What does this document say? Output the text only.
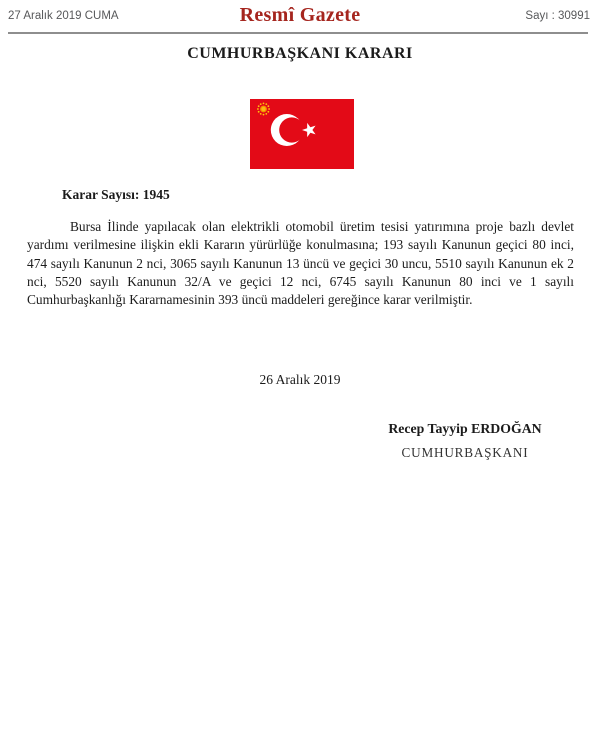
27 Aralık 2019 CUMA	Resmî Gazete	Sayı : 30991
CUMHURBAŞKANI KARARI
Karar Sayısı: 1945

Bursa İlinde yapılacak olan elektrikli otomobil üretim tesisi yatırımına proje bazlı devlet yardımı verilmesine ilişkin ekli Kararın yürürlüğe konulmasına; 193 sayılı Kanunun geçici 80 inci, 474 sayılı Kanunun 2 nci, 3065 sayılı Kanunun 13 üncü ve geçici 30 uncu, 5510 sayılı Kanunun ek 2 nci, 5520 sayılı Kanunun 32/A ve geçici 12 nci, 6745 sayılı Kanunun 80 inci ve 1 sayılı Cumhurbaşkanlığı Kararnamesinin 393 üncü maddeleri gereğince karar verilmiştir.

26 Aralık 2019
Recep Tayyip ERDOĞAN
CUMHURBAŞKANI
